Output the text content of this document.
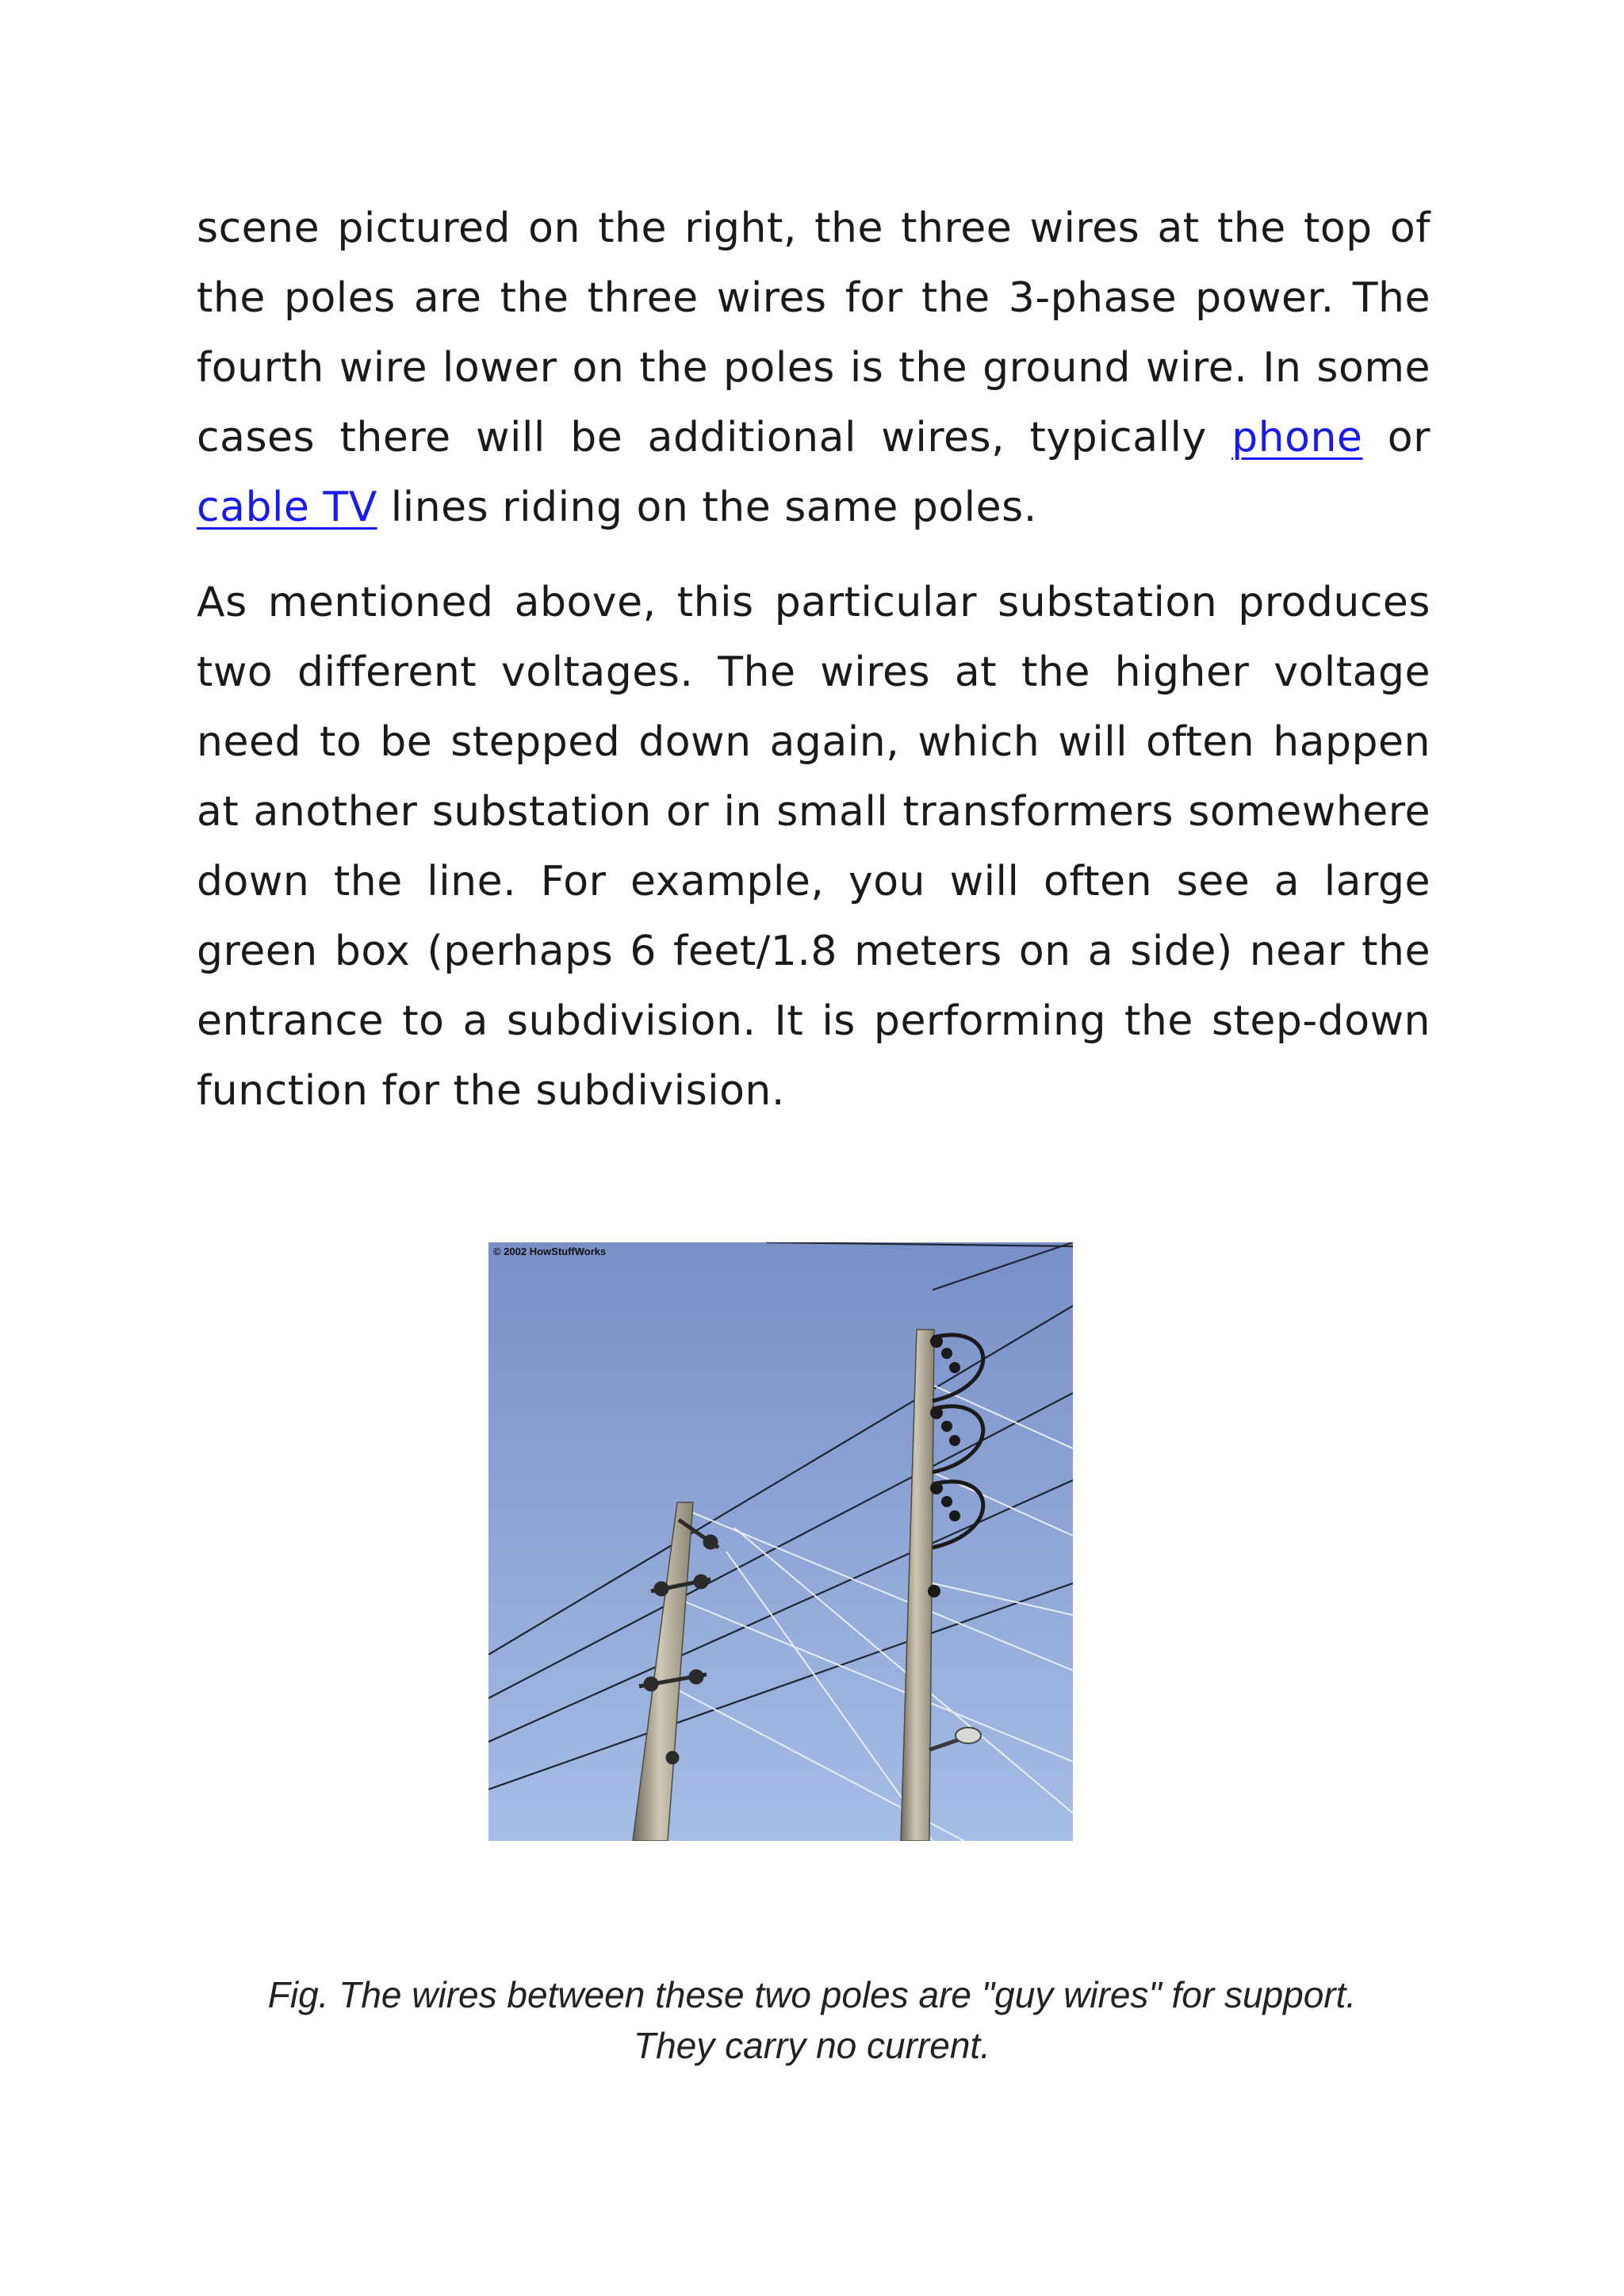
scene pictured on the right, the three wires at the top of the poles are the three wires for the 3-phase power. The fourth wire lower on the poles is the ground wire. In some cases there will be additional wires, typically phone or cable TV lines riding on the same poles.

As mentioned above, this particular substation produces two different voltages. The wires at the higher voltage need to be stepped down again, which will often happen at another substation or in small transformers somewhere down the line. For example, you will often see a large green box (perhaps 6 feet/1.8 meters on a side) near the entrance to a subdivision. It is performing the step-down function for the subdivision.

© 2002 HowStuffWorks
Fig. The wires between these two poles are "guy wires" for support.
They carry no current.
